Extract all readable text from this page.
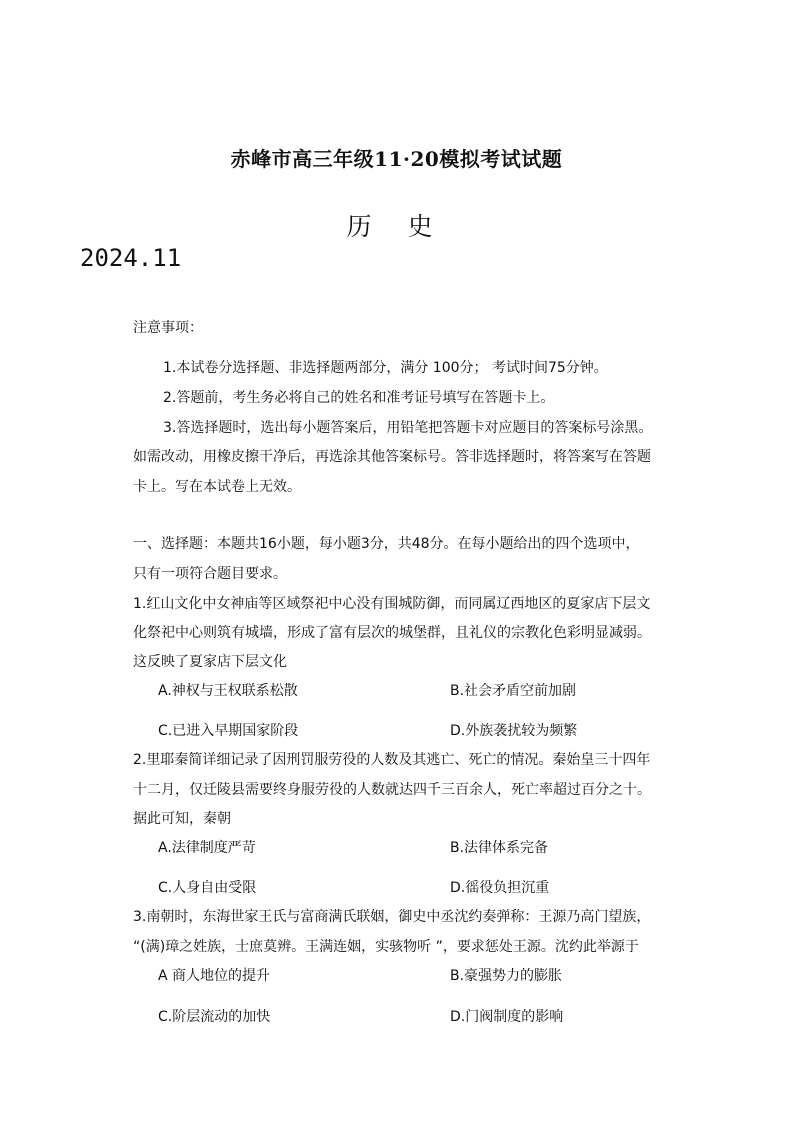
赤峰市高三年级11·20模拟考试试题
历 史
2024.11
注意事项：
1.本试卷分选择题、非选择题两部分，满分 100分； 考试时间75分钟。
2.答题前，考生务必将自己的姓名和准考证号填写在答题卡上。
3.答选择题时，选出每小题答案后，用铅笔把答题卡对应题目的答案标号涂黑。
如需改动，用橡皮擦干净后，再选涂其他答案标号。答非选择题时，将答案写在答题
卡上。写在本试卷上无效。
一、选择题：本题共16小题，每小题3分，共48分。在每小题给出的四个选项中，
只有一项符合题目要求。
1.红山文化中女神庙等区域祭祀中心没有围城防御，而同属辽西地区的夏家店下层文
化祭祀中心则筑有城墙，形成了富有层次的城堡群，且礼仪的宗教化色彩明显减弱。
这反映了夏家店下层文化
A.神权与王权联系松散	B.社会矛盾空前加剧
C.已进入早期国家阶段	D.外族袭扰较为频繁
2.里耶秦简详细记录了因刑罚服劳役的人数及其逃亡、死亡的情况。秦始皇三十四年
十二月，仅迁陵县需要终身服劳役的人数就达四千三百余人，死亡率超过百分之十。
据此可知，秦朝
A.法律制度严苛	B.法律体系完备
C.人身自由受限	D.徭役负担沉重
3.南朝时，东海世家王氏与富商满氏联姻，御史中丞沈约奏弹称：王源乃高门望族，
“(满)璋之姓族，士庶莫辨。王满连姻，实骇物听 ”，要求惩处王源。沈约此举源于
A 商人地位的提升	B.豪强势力的膨胀
C.阶层流动的加快	D.门阀制度的影响
